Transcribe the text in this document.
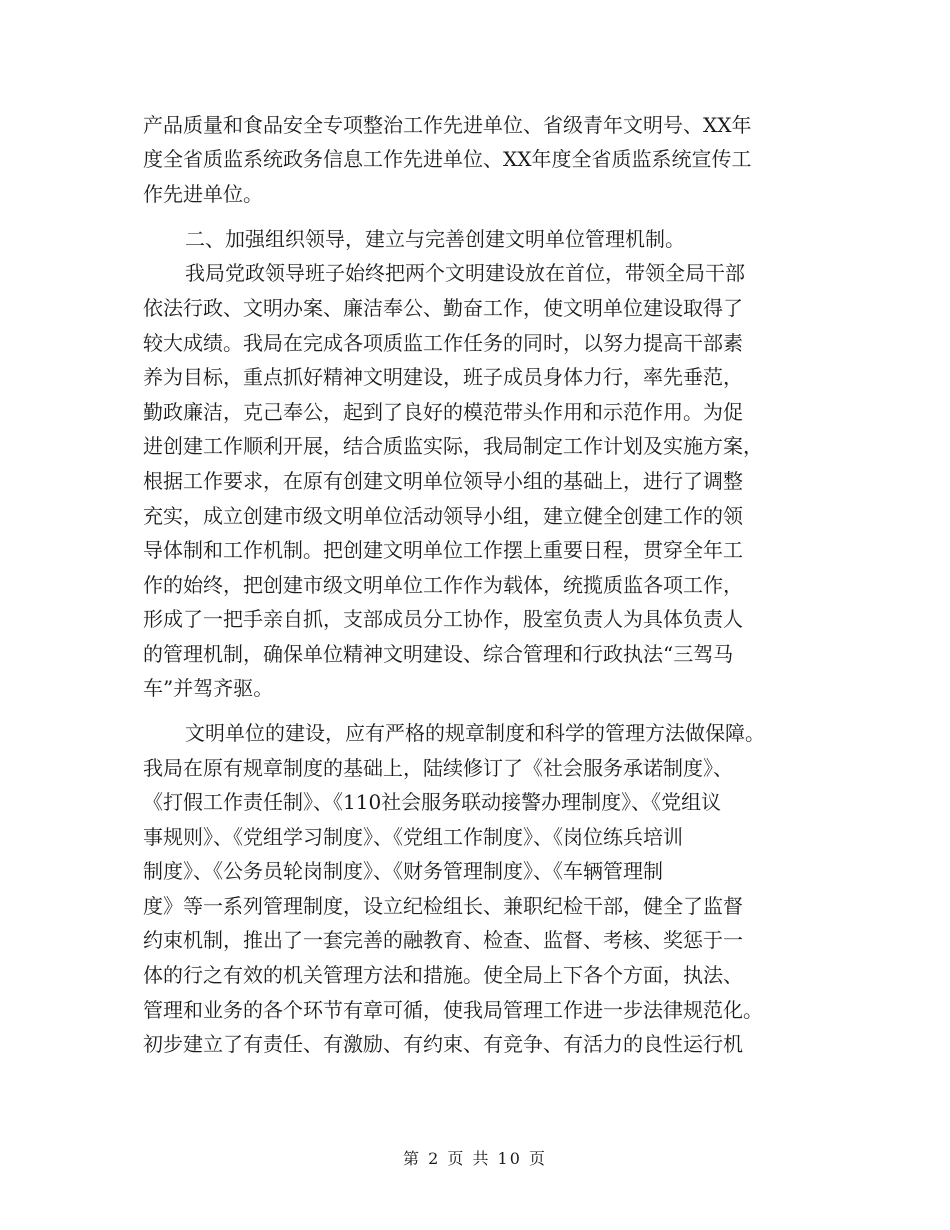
产品质量和食品安全专项整治工作先进单位、省级青年文明号、XX年
度全省质监系统政务信息工作先进单位、XX年度全省质监系统宣传工
作先进单位。
二、加强组织领导，建立与完善创建文明单位管理机制。
我局党政领导班子始终把两个文明建设放在首位，带领全局干部
依法行政、文明办案、廉洁奉公、勤奋工作，使文明单位建设取得了
较大成绩。我局在完成各项质监工作任务的同时，以努力提高干部素
养为目标，重点抓好精神文明建设，班子成员身体力行，率先垂范，
勤政廉洁，克己奉公，起到了良好的模范带头作用和示范作用。为促
进创建工作顺利开展，结合质监实际，我局制定工作计划及实施方案，
根据工作要求，在原有创建文明单位领导小组的基础上，进行了调整
充实，成立创建市级文明单位活动领导小组，建立健全创建工作的领
导体制和工作机制。把创建文明单位工作摆上重要日程，贯穿全年工
作的始终，把创建市级文明单位工作作为载体，统揽质监各项工作，
形成了一把手亲自抓，支部成员分工协作，股室负责人为具体负责人
的管理机制，确保单位精神文明建设、综合管理和行政执法“三驾马
车”并驾齐驱。
文明单位的建设，应有严格的规章制度和科学的管理方法做保障。
我局在原有规章制度的基础上，陆续修订了《社会服务承诺制度》、
《打假工作责任制》、《110社会服务联动接警办理制度》、《党组议
事规则》、《党组学习制度》、《党组工作制度》、《岗位练兵培训
制度》、《公务员轮岗制度》、《财务管理制度》、《车辆管理制
度》等一系列管理制度，设立纪检组长、兼职纪检干部，健全了监督
约束机制，推出了一套完善的融教育、检查、监督、考核、奖惩于一
体的行之有效的机关管理方法和措施。使全局上下各个方面，执法、
管理和业务的各个环节有章可循，使我局管理工作进一步法律规范化。
初步建立了有责任、有激励、有约束、有竞争、有活力的良性运行机
第 2 页 共 10 页
